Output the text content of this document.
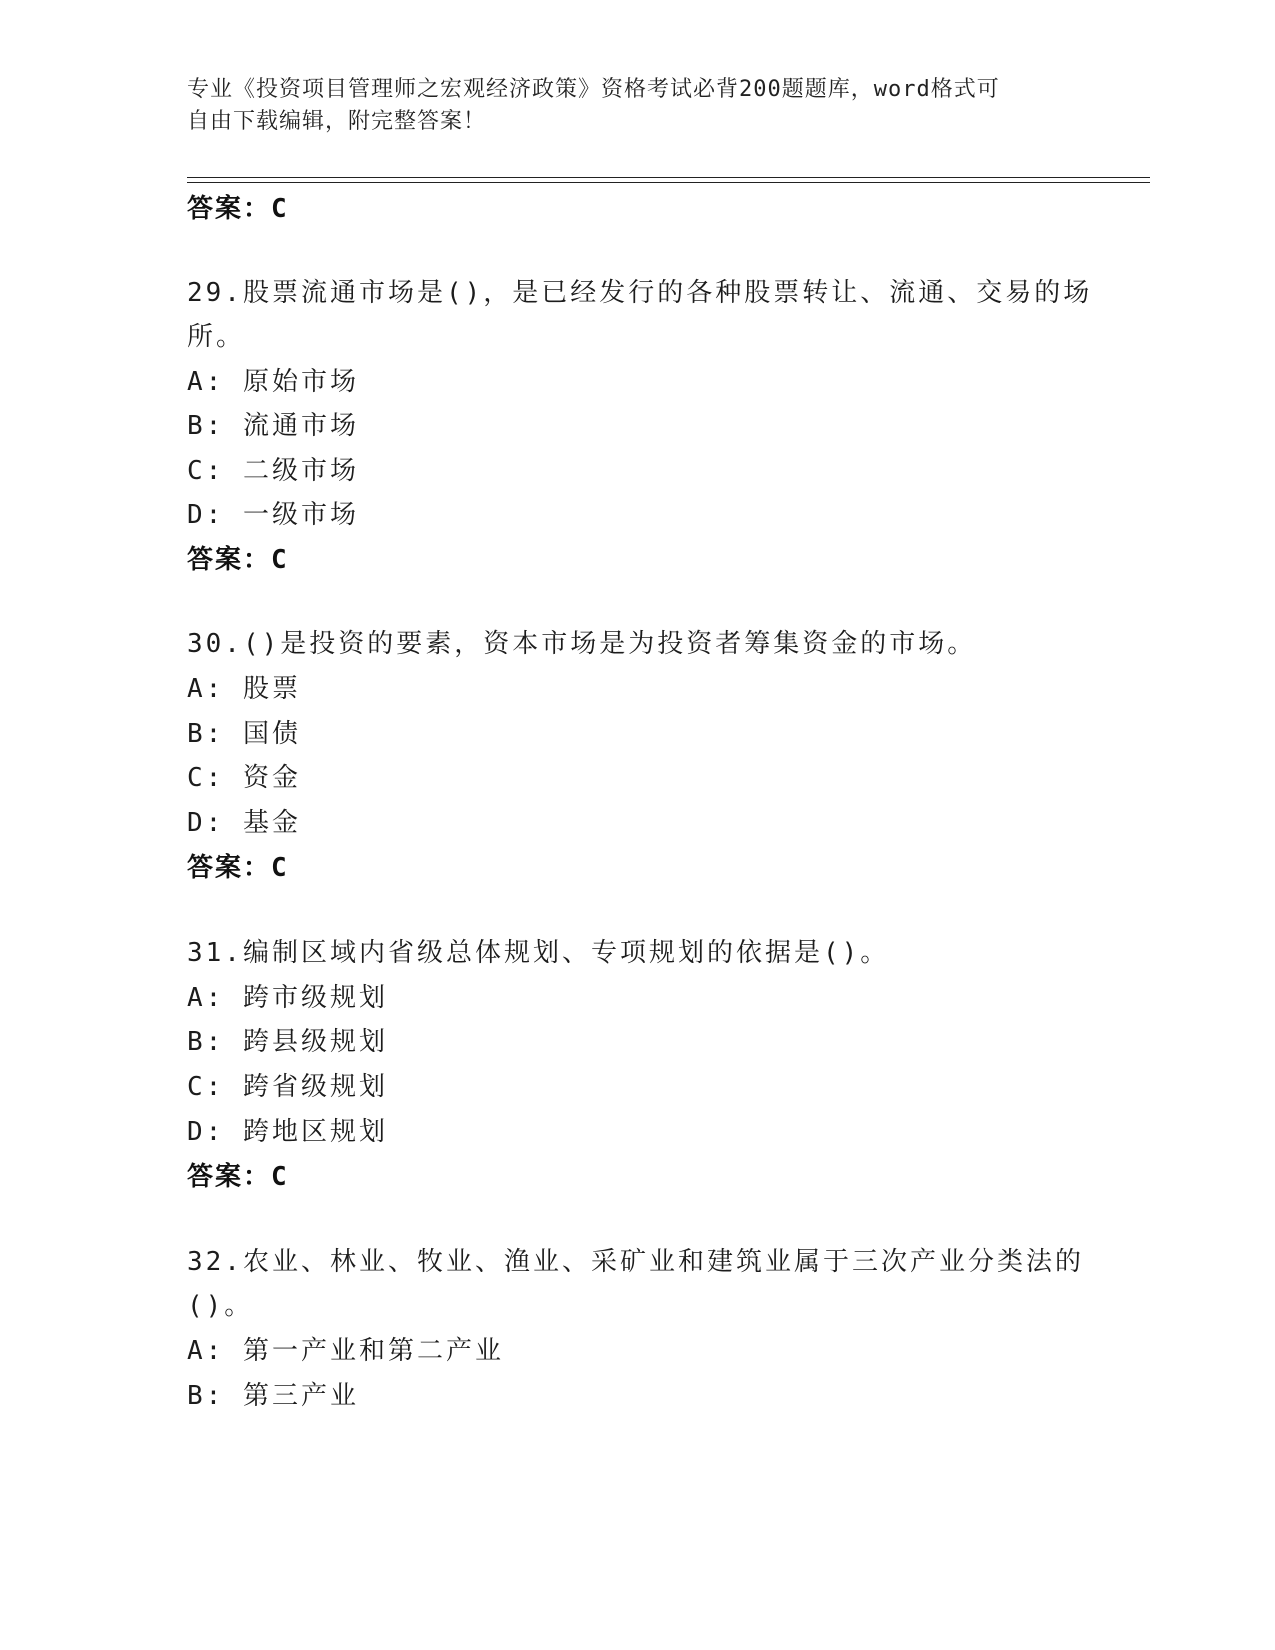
专业《投资项目管理师之宏观经济政策》资格考试必背200题题库，word格式可
自由下载编辑，附完整答案！
答案：C
29.股票流通市场是()，是已经发行的各种股票转让、流通、交易的场
所。
A: 原始市场
B: 流通市场
C: 二级市场
D: 一级市场
答案：C
30.()是投资的要素，资本市场是为投资者筹集资金的市场。
A: 股票
B: 国债
C: 资金
D: 基金
答案：C
31.编制区域内省级总体规划、专项规划的依据是()。
A: 跨市级规划
B: 跨县级规划
C: 跨省级规划
D: 跨地区规划
答案：C
32.农业、林业、牧业、渔业、采矿业和建筑业属于三次产业分类法的
()。
A: 第一产业和第二产业
B: 第三产业
